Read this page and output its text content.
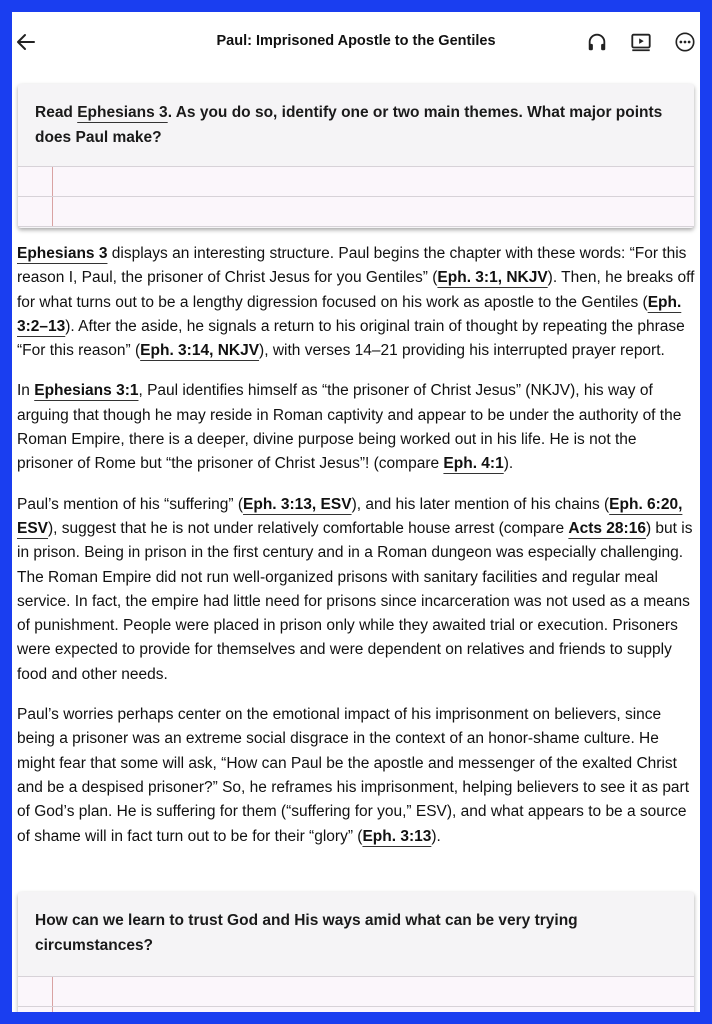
Paul: Imprisoned Apostle to the Gentiles
Read Ephesians 3. As you do so, identify one or two main themes. What major points does Paul make?

Ephesians 3 displays an interesting structure. Paul begins the chapter with these words: “For this reason I, Paul, the prisoner of Christ Jesus for you Gentiles” (Eph. 3:1, NKJV). Then, he breaks off for what turns out to be a lengthy digression focused on his work as apostle to the Gentiles (Eph. 3:2–13). After the aside, he signals a return to his original train of thought by repeating the phrase “For this reason” (Eph. 3:14, NKJV), with verses 14–21 providing his interrupted prayer report.

In Ephesians 3:1, Paul identifies himself as “the prisoner of Christ Jesus” (NKJV), his way of arguing that though he may reside in Roman captivity and appear to be under the authority of the Roman Empire, there is a deeper, divine purpose being worked out in his life. He is not the prisoner of Rome but “the prisoner of Christ Jesus”! (compare Eph. 4:1).

Paul’s mention of his “suffering” (Eph. 3:13, ESV), and his later mention of his chains (Eph. 6:20, ESV), suggest that he is not under relatively comfortable house arrest (compare Acts 28:16) but is in prison. Being in prison in the first century and in a Roman dungeon was especially challenging. The Roman Empire did not run well-organized prisons with sanitary facilities and regular meal service. In fact, the empire had little need for prisons since incarceration was not used as a means of punishment. People were placed in prison only while they awaited trial or execution. Prisoners were expected to provide for themselves and were dependent on relatives and friends to supply food and other needs.

Paul’s worries perhaps center on the emotional impact of his imprisonment on believers, since being a prisoner was an extreme social disgrace in the context of an honor-shame culture. He might fear that some will ask, “How can Paul be the apostle and messenger of the exalted Christ and be a despised prisoner?” So, he reframes his imprisonment, helping believers to see it as part of God’s plan. He is suffering for them (“suffering for you,” ESV), and what appears to be a source of shame will in fact turn out to be for their “glory” (Eph. 3:13).

How can we learn to trust God and His ways amid what can be very trying circumstances?
